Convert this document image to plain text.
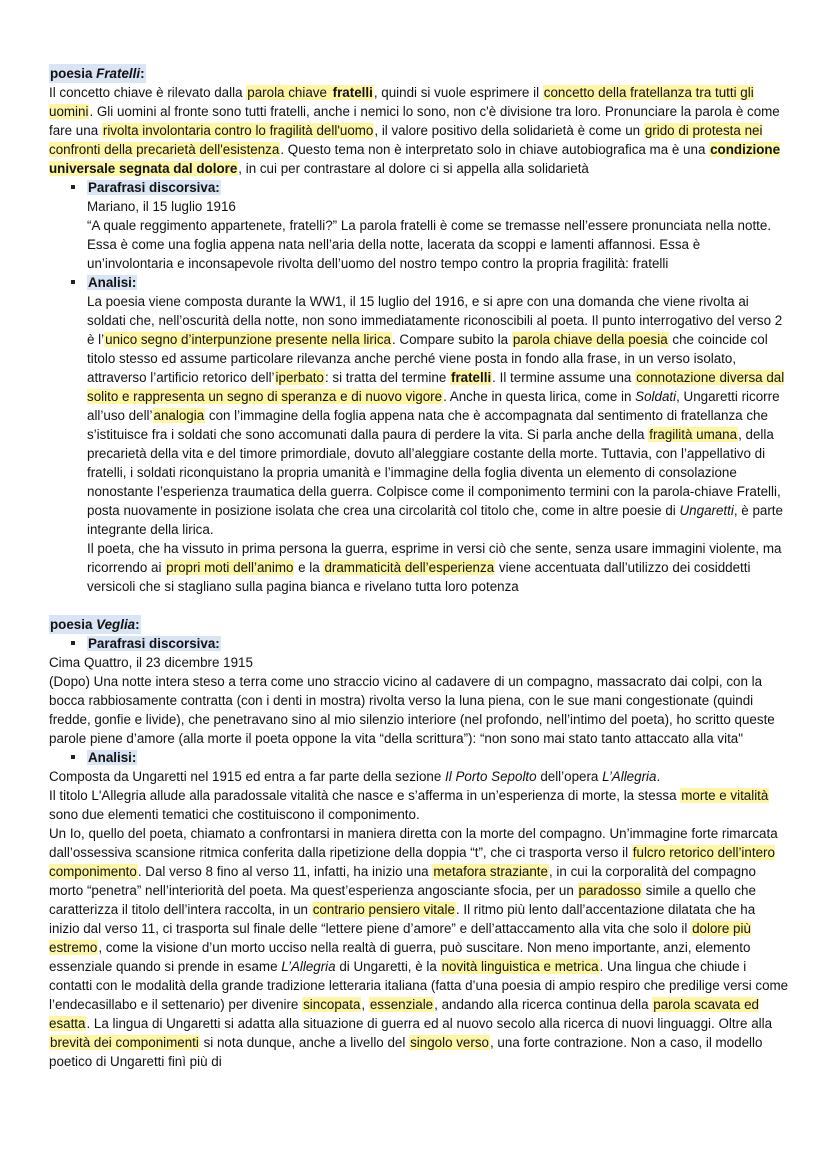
poesia Fratelli:

Il concetto chiave è rilevato dalla parola chiave fratelli, quindi si vuole esprimere il concetto della fratellanza tra tutti gli uomini. Gli uomini al fronte sono tutti fratelli, anche i nemici lo sono, non c'è divisione tra loro. Pronunciare la parola è come fare una rivolta involontaria contro lo fragilità dell'uomo, il valore positivo della solidarietà è come un grido di protesta nei confronti della precarietà dell'esistenza. Questo tema non è interpretato solo in chiave autobiografica ma è una condizione universale segnata dal dolore, in cui per contrastare al dolore ci si appella alla solidarietà

Parafrasi discorsiva:

Mariano, il 15 luglio 1916

“A quale reggimento appartenete, fratelli?” La parola fratelli è come se tremasse nell’essere pronunciata nella notte. Essa è come una foglia appena nata nell’aria della notte, lacerata da scoppi e lamenti affannosi. Essa è un’involontaria e inconsapevole rivolta dell’uomo del nostro tempo contro la propria fragilità: fratelli

Analisi:

La poesia viene composta durante la WW1, il 15 luglio del 1916, e si apre con una domanda che viene rivolta ai soldati che, nell’oscurità della notte, non sono immediatamente riconoscibili al poeta. Il punto interrogativo del verso 2 è l’unico segno d’interpunzione presente nella lirica. Compare subito la parola chiave della poesia che coincide col titolo stesso ed assume particolare rilevanza anche perché viene posta in fondo alla frase, in un verso isolato, attraverso l’artificio retorico dell’iperbato: si tratta del termine fratelli. Il termine assume una connotazione diversa dal solito e rappresenta un segno di speranza e di nuovo vigore. Anche in questa lirica, come in Soldati, Ungaretti ricorre all’uso dell’analogia con l’immagine della foglia appena nata che è accompagnata dal sentimento di fratellanza che s’istituisce fra i soldati che sono accomunati dalla paura di perdere la vita. Si parla anche della fragilità umana, della precarietà della vita e del timore primordiale, dovuto all’aleggiare costante della morte. Tuttavia, con l’appellativo di fratelli, i soldati riconquistano la propria umanità e l’immagine della foglia diventa un elemento di consolazione nonostante l’esperienza traumatica della guerra. Colpisce come il componimento termini con la parola-chiave Fratelli, posta nuovamente in posizione isolata che crea una circolarità col titolo che, come in altre poesie di Ungaretti, è parte integrante della lirica.

Il poeta, che ha vissuto in prima persona la guerra, esprime in versi ciò che sente, senza usare immagini violente, ma ricorrendo ai propri moti dell’animo e la drammaticità dell’esperienza viene accentuata dall’utilizzo dei cosiddetti versicoli che si stagliano sulla pagina bianca e rivelano tutta loro potenza

poesia Veglia:

Parafrasi discorsiva:

Cima Quattro, il 23 dicembre 1915

(Dopo) Una notte intera steso a terra come uno straccio vicino al cadavere di un compagno, massacrato dai colpi, con la bocca rabbiosamente contratta (con i denti in mostra) rivolta verso la luna piena, con le sue mani congestionate (quindi fredde, gonfie e livide), che penetravano sino al mio silenzio interiore (nel profondo, nell’intimo del poeta), ho scritto queste parole piene d’amore (alla morte il poeta oppone la vita “della scrittura”): “non sono mai stato tanto attaccato alla vita"

Analisi:

Composta da Ungaretti nel 1915 ed entra a far parte della sezione Il Porto Sepolto dell’opera L’Allegria.

Il titolo L'Allegria allude alla paradossale vitalità che nasce e s’afferma in un’esperienza di morte, la stessa morte e vitalità sono due elementi tematici che costituiscono il componimento.

Un Io, quello del poeta, chiamato a confrontarsi in maniera diretta con la morte del compagno. Un’immagine forte rimarcata dall’ossessiva scansione ritmica conferita dalla ripetizione della doppia “t”, che ci trasporta verso il fulcro retorico dell’intero componimento. Dal verso 8 fino al verso 11, infatti, ha inizio una metafora straziante, in cui la corporalità del compagno morto “penetra” nell’interiorità del poeta. Ma quest’esperienza angosciante sfocia, per un paradosso simile a quello che caratterizza il titolo dell’intera raccolta, in un contrario pensiero vitale. Il ritmo più lento dall’accentazione dilatata che ha inizio dal verso 11, ci trasporta sul finale delle “lettere piene d’amore” e dell’attaccamento alla vita che solo il dolore più estremo, come la visione d’un morto ucciso nella realtà di guerra, può suscitare. Non meno importante, anzi, elemento essenziale quando si prende in esame L’Allegria di Ungaretti, è la novità linguistica e metrica. Una lingua che chiude i contatti con le modalità della grande tradizione letteraria italiana (fatta d’una poesia di ampio respiro che predilige versi come l’endecasillabo e il settenario) per divenire sincopata, essenziale, andando alla ricerca continua della parola scavata ed esatta. La lingua di Ungaretti si adatta alla situazione di guerra ed al nuovo secolo alla ricerca di nuovi linguaggi. Oltre alla brevità dei componimenti si nota dunque, anche a livello del singolo verso, una forte contrazione. Non a caso, il modello poetico di Ungaretti finì più di
